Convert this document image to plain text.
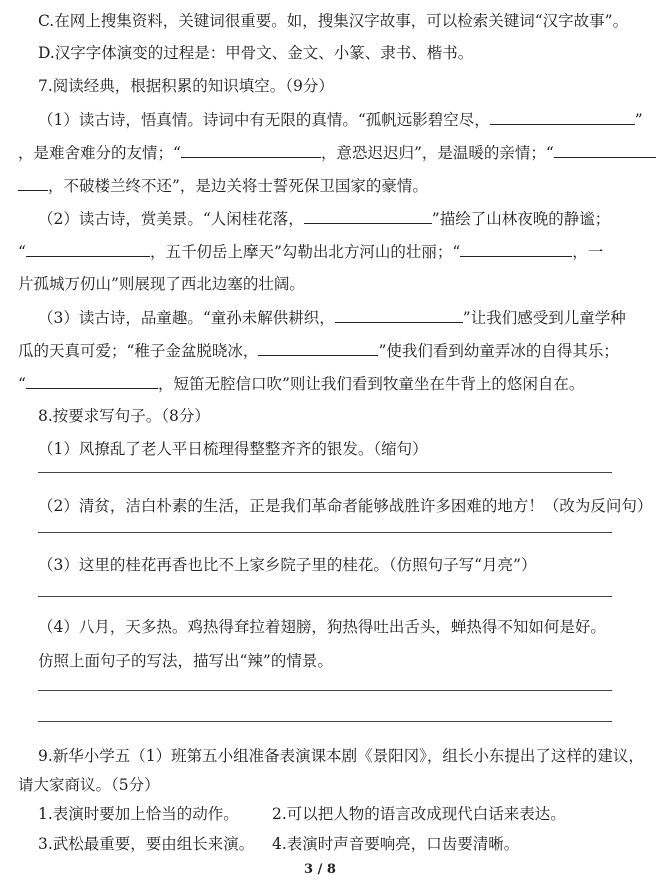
C.在网上搜集资料，关键词很重要。如，搜集汉字故事，可以检索关键词“汉字故事”。
D.汉字字体演变的过程是：甲骨文、金文、小篆、隶书、楷书。
7.阅读经典，根据积累的知识填空。（9分）
（1）读古诗，悟真情。诗词中有无限的真情。“孤帆远影碧空尽，	”
，是难舍难分的友情；“	，意恐迟迟归”，是温暖的亲情；“
，不破楼兰终不还”，是边关将士誓死保卫国家的豪情。
（2）读古诗，赏美景。“人闲桂花落，	”描绘了山林夜晚的静谧；
“	，五千仞岳上摩天”勾勒出北方河山的壮丽；“	，一
片孤城万仞山”则展现了西北边塞的壮阔。
（3）读古诗，品童趣。“童孙未解供耕织，	”让我们感受到儿童学种
瓜的天真可爱；“稚子金盆脱晓冰，	”使我们看到幼童弄冰的自得其乐；
“	，短笛无腔信口吹”则让我们看到牧童坐在牛背上的悠闲自在。
8.按要求写句子。（8分）
（1）风撩乱了老人平日梳理得整整齐齐的银发。（缩句）
（2）清贫，洁白朴素的生活，正是我们革命者能够战胜许多困难的地方！（改为反问句）
（3）这里的桂花再香也比不上家乡院子里的桂花。（仿照句子写“月亮”）
（4）八月，天多热。鸡热得耷拉着翅膀，狗热得吐出舌头，蝉热得不知如何是好。
仿照上面句子的写法，描写出“辣”的情景。
9.新华小学五（1）班第五小组准备表演课本剧《景阳冈》，组长小东提出了这样的建议，
请大家商议。（5分）
1.表演时要加上恰当的动作。 2.可以把人物的语言改成现代白话来表达。
3.武松最重要，要由组长来演。 4.表演时声音要响亮，口齿要清晰。
3 / 8
